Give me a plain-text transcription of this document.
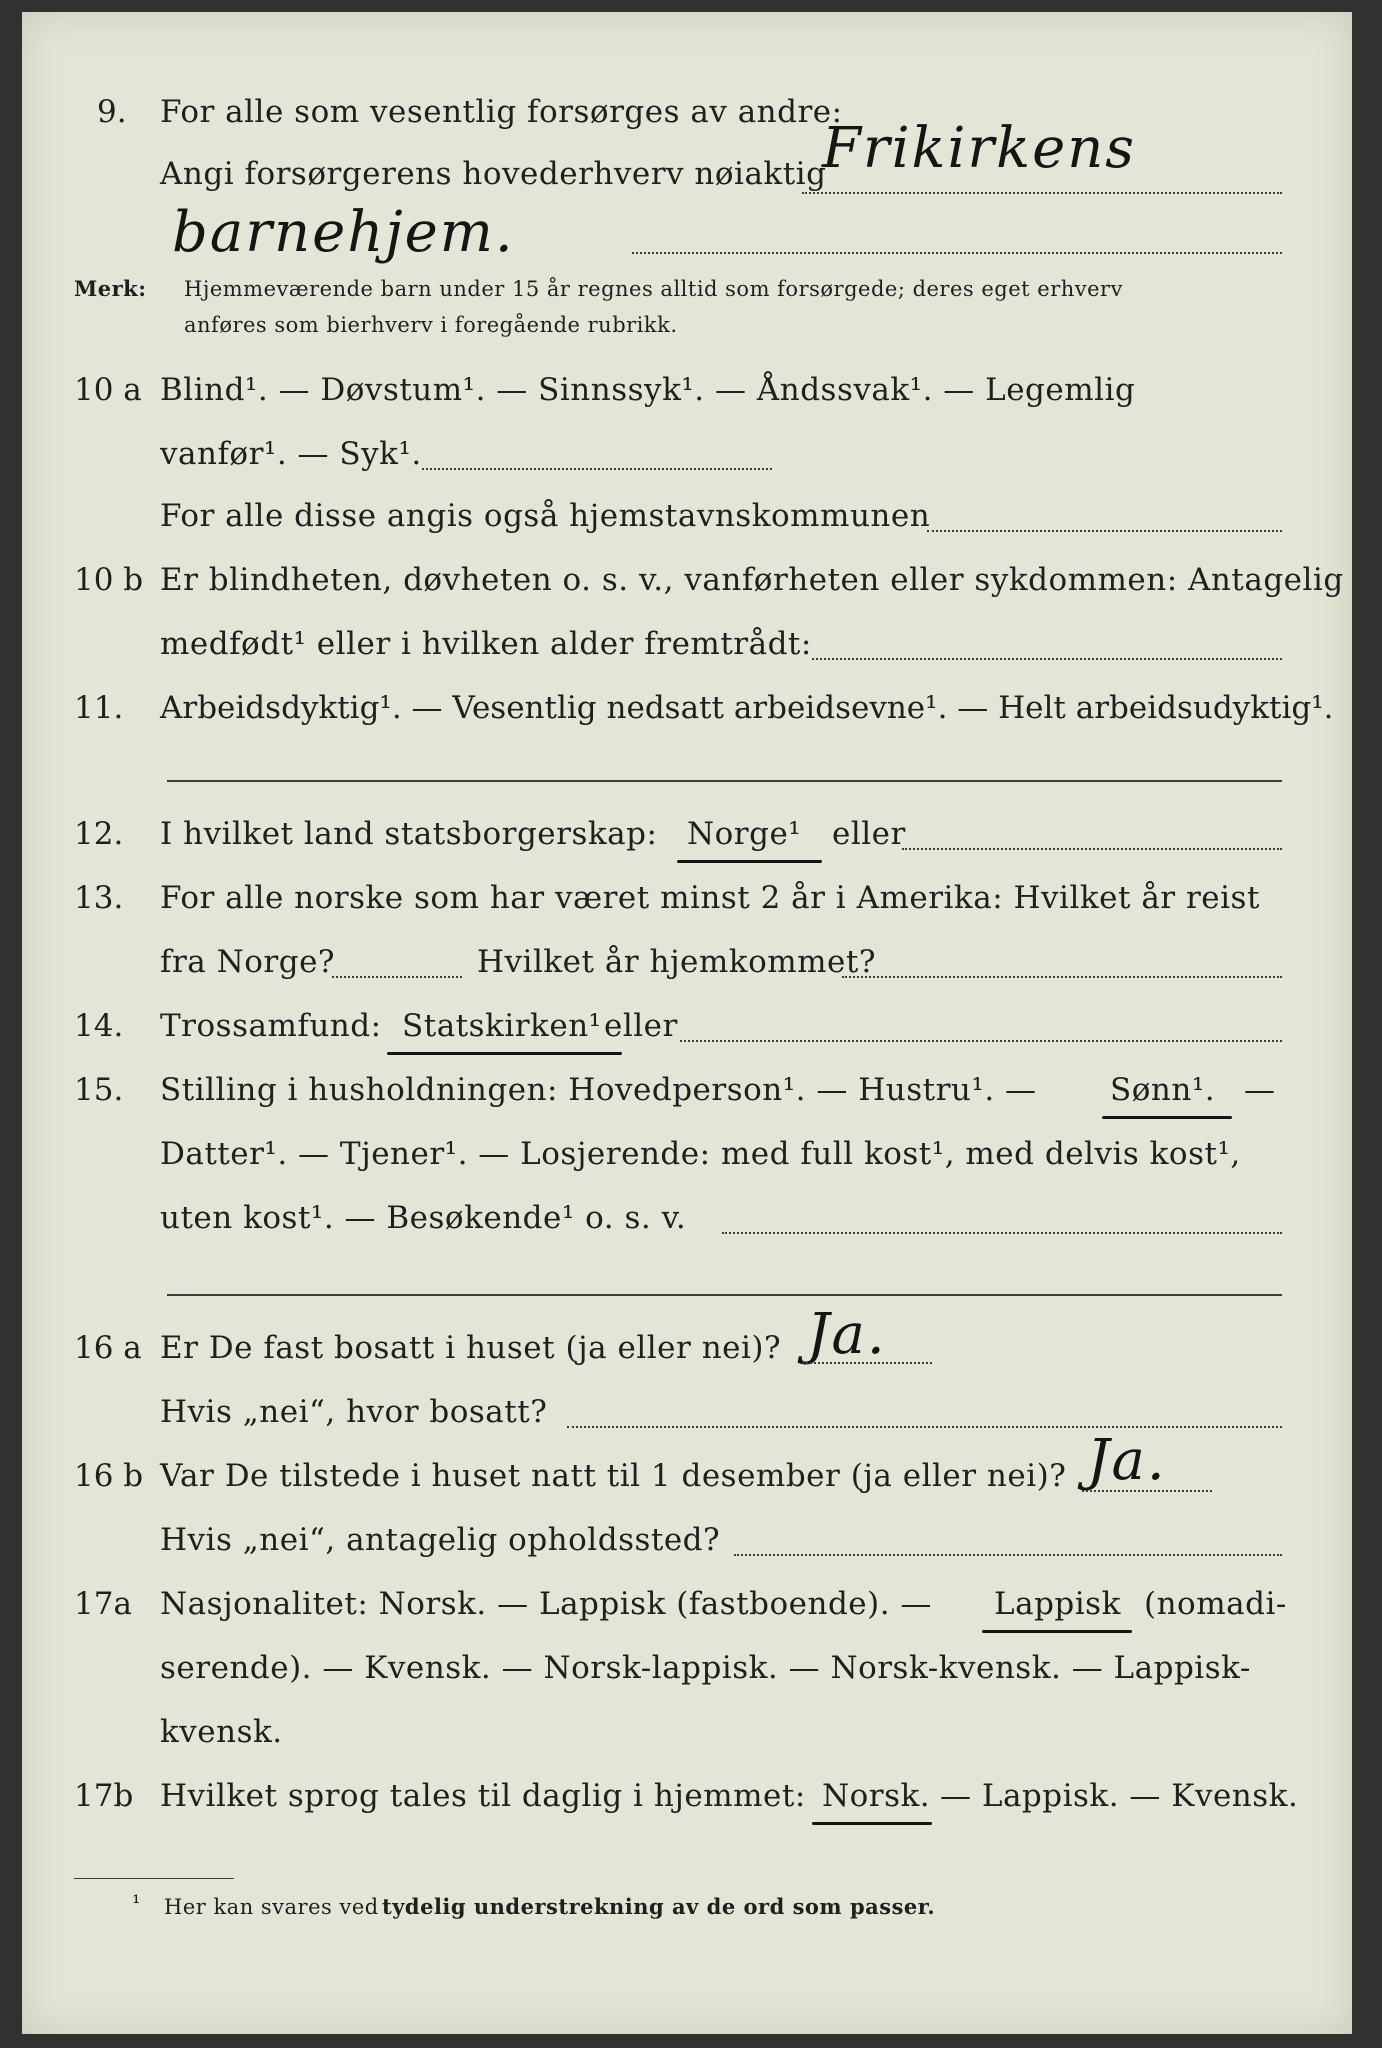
9. For alle som vesentlig forsørges av andre:
Angi forsørgerens hovederhverv nøiaktig
Frikirkens
barnehjem.
Merk: Hjemmeværende barn under 15 år regnes alltid som forsørgede; deres eget erhverv
anføres som bierhverv i foregående rubrikk.
10 a Blind¹. — Døvstum¹. — Sinnssyk¹. — Åndssvak¹. — Legemlig
vanfør¹. — Syk¹.
For alle disse angis også hjemstavnskommunen
10 b Er blindheten, døvheten o. s. v., vanførheten eller sykdommen: Antagelig
medfødt¹ eller i hvilken alder fremtrådt:
11. Arbeidsdyktig¹. — Vesentlig nedsatt arbeidsevne¹. — Helt arbeidsudyktig¹.
12. I hvilket land statsborgerskap: Norge¹ eller
13. For alle norske som har været minst 2 år i Amerika: Hvilket år reist
fra Norge?	Hvilket år hjemkommet?
14. Trossamfund: Statskirken¹ eller
15. Stilling i husholdningen: Hovedperson¹. — Hustru¹. — Sønn¹. —
Datter¹. — Tjener¹. — Losjerende: med full kost¹, med delvis kost¹,
uten kost¹. — Besøkende¹ o. s. v.
16 a Er De fast bosatt i huset (ja eller nei)? Ja.
Hvis „nei“, hvor bosatt?
16 b Var De tilstede i huset natt til 1 desember (ja eller nei)? Ja.
Hvis „nei“, antagelig opholdssted?
17a Nasjonalitet: Norsk. — Lappisk (fastboende). — Lappisk (nomadi-
serende). — Kvensk. — Norsk-lappisk. — Norsk-kvensk. — Lappisk-
kvensk.
17b Hvilket sprog tales til daglig i hjemmet: Norsk. — Lappisk. — Kvensk.
¹ Her kan svares ved tydelig understrekning av de ord som passer.
